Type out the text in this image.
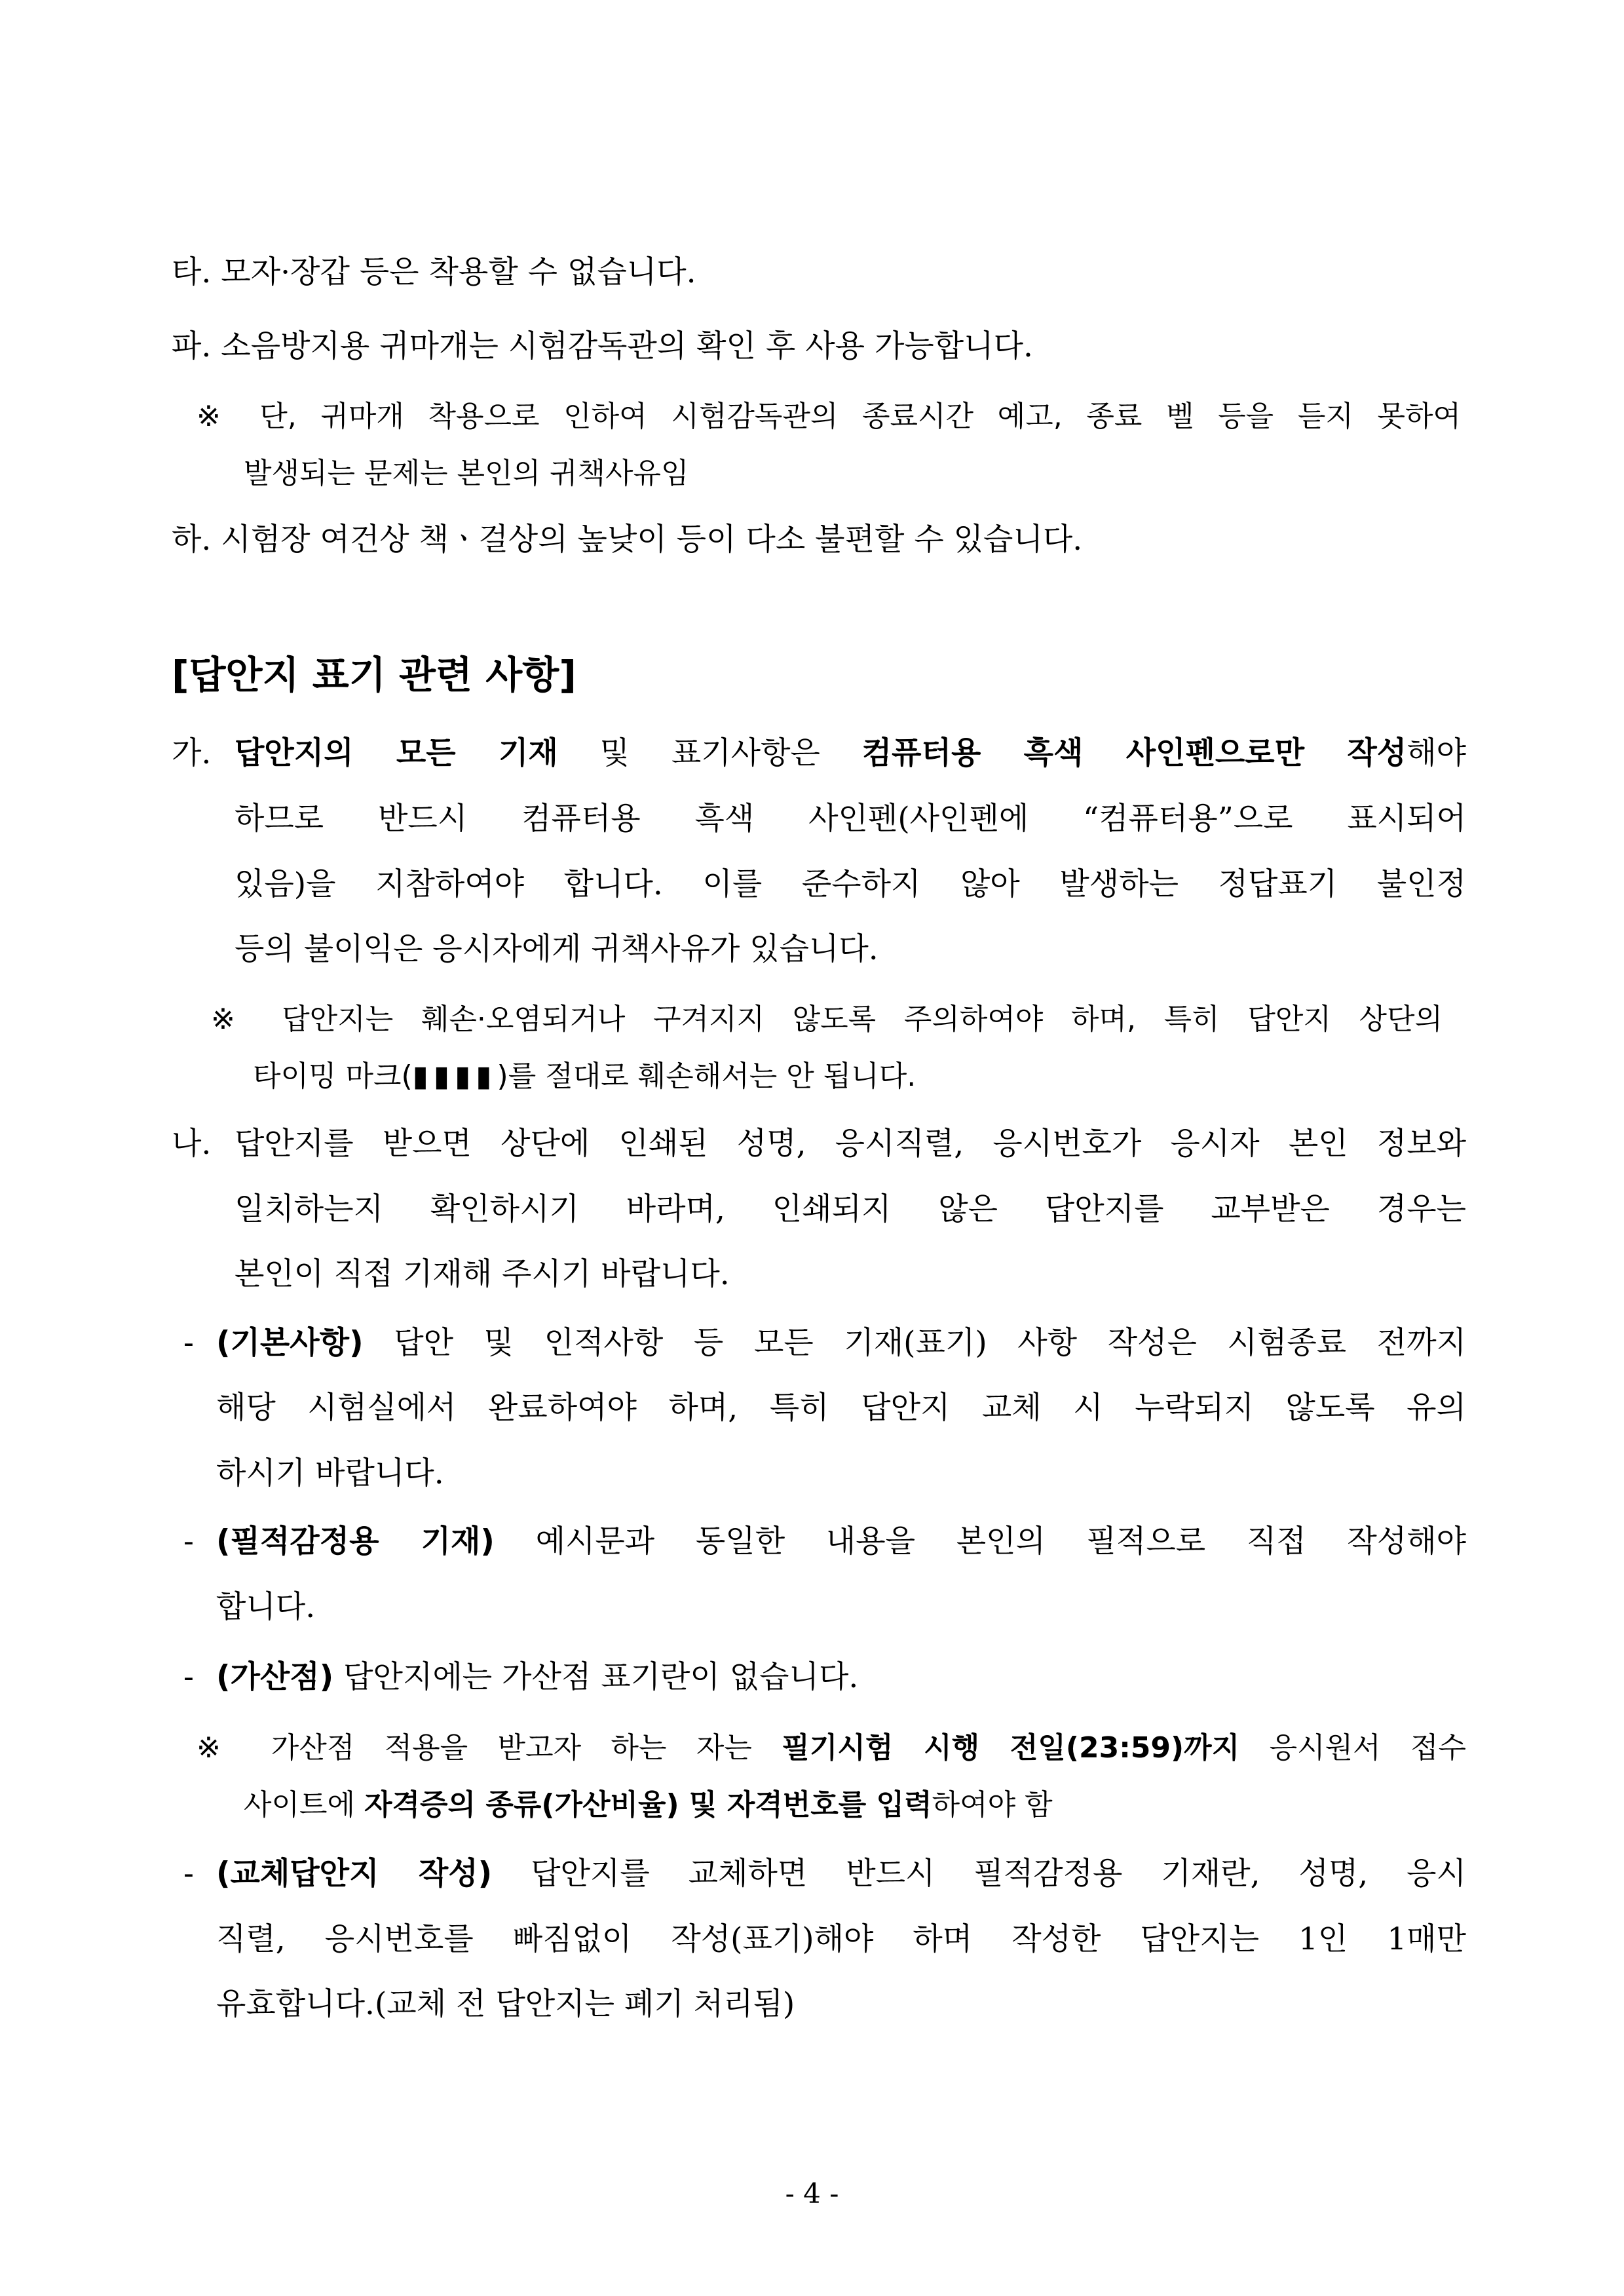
타. 모자·장갑 등은 착용할 수 없습니다.
파. 소음방지용 귀마개는 시험감독관의 확인 후 사용 가능합니다.
※ 단, 귀마개 착용으로 인하여 시험감독관의 종료시간 예고, 종료 벨 등을 듣지 못하여
발생되는 문제는 본인의 귀책사유임
하. 시험장 여건상 책ㆍ걸상의 높낮이 등이 다소 불편할 수 있습니다.
[답안지 표기 관련 사항]
가. 답안지의 모든 기재 및 표기사항은 컴퓨터용 흑색 사인펜으로만 작성해야
하므로 반드시 컴퓨터용 흑색 사인펜(사인펜에 “컴퓨터용”으로 표시되어
있음)을 지참하여야 합니다. 이를 준수하지 않아 발생하는 정답표기 불인정
등의 불이익은 응시자에게 귀책사유가 있습니다.
※ 답안지는 훼손·오염되거나 구겨지지 않도록 주의하여야 하며, 특히 답안지 상단의
타이밍 마크(▮▮▮▮)를 절대로 훼손해서는 안 됩니다.
나. 답안지를 받으면 상단에 인쇄된 성명, 응시직렬, 응시번호가 응시자 본인 정보와
일치하는지 확인하시기 바라며, 인쇄되지 않은 답안지를 교부받은 경우는
본인이 직접 기재해 주시기 바랍니다.
- (기본사항) 답안 및 인적사항 등 모든 기재(표기) 사항 작성은 시험종료 전까지
해당 시험실에서 완료하여야 하며, 특히 답안지 교체 시 누락되지 않도록 유의
하시기 바랍니다.
- (필적감정용 기재) 예시문과 동일한 내용을 본인의 필적으로 직접 작성해야
합니다.
- (가산점) 답안지에는 가산점 표기란이 없습니다.
※ 가산점 적용을 받고자 하는 자는 필기시험 시행 전일(23:59)까지 응시원서 접수
사이트에 자격증의 종류(가산비율) 및 자격번호를 입력하여야 함
- (교체답안지 작성) 답안지를 교체하면 반드시 필적감정용 기재란, 성명, 응시
직렬, 응시번호를 빠짐없이 작성(표기)해야 하며 작성한 답안지는 1인 1매만
유효합니다.(교체 전 답안지는 폐기 처리됨)
- 4 -
